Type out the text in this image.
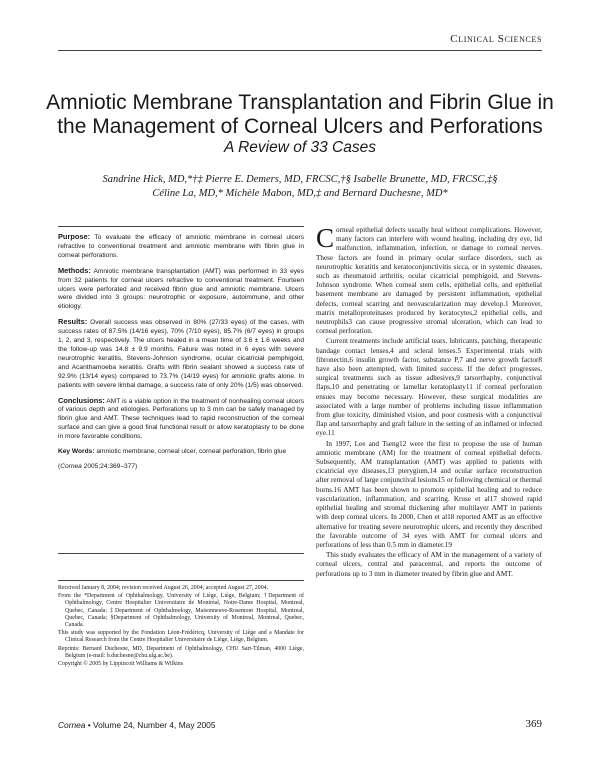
Clinical Sciences
Amniotic Membrane Transplantation and Fibrin Glue in the Management of Corneal Ulcers and Perforations
A Review of 33 Cases

Sandrine Hick, MD,*†‡ Pierre E. Demers, MD, FRCSC,†§ Isabelle Brunette, MD, FRCSC,‡§

Céline La, MD,* Michèle Mabon, MD,‡ and Bernard Duchesne, MD*

Purpose: To evaluate the efficacy of amniotic membrane in corneal ulcers refractive to conventional treatment and amniotic membrane with fibrin glue in corneal perforations.

Methods: Amniotic membrane transplantation (AMT) was performed in 33 eyes from 32 patients for corneal ulcers refractive to conventional treatment. Fourteen ulcers were perforated and received fibrin glue and amniotic membrane. Ulcers were divided into 3 groups: neurotrophic or exposure, autoimmune, and other etiology.

Results: Overall success was observed in 80% (27/33 eyes) of the cases, with success rates of 87.5% (14/16 eyes), 70% (7/10 eyes), 85.7% (6/7 eyes) in groups 1, 2, and 3, respectively. The ulcers healed in a mean time of 3.6 ± 1.6 weeks and the follow-up was 14.8 ± 9.9 months. Failure was noted in 6 eyes with severe neurotrophic keratitis, Stevens-Johnson syndrome, ocular cicatricial pemphigoid, and Acanthamoeba keratitis. Grafts with fibrin sealant showed a success rate of 92.9% (13/14 eyes) compared to 73.7% (14/19 eyes) for amniotic grafts alone. In patients with severe limbal damage, a success rate of only 20% (1/5) was observed.

Conclusions: AMT is a viable option in the treatment of nonhealing corneal ulcers of various depth and etiologies. Perforations up to 3 mm can be safely managed by fibrin glue and AMT. These techniques lead to rapid reconstruction of the corneal surface and can give a good final functional result or allow keratoplasty to be done in more favorable conditions.

Key Words: amniotic membrane, corneal ulcer, corneal perforation, fibrin glue

(Cornea 2005;24:369–377)

Received January 8, 2004; revision received August 26, 2004; accepted August 27, 2004.

From the *Department of Ophthalmology, University of Liège, Liège, Belgium; †Department of Ophthalmology, Centre Hospitalier Universitaire de Montréal, Notre-Dame Hospital, Montreal, Quebec, Canada; ‡Department of Ophthalmology, Maisonneuve-Rosemont Hospital, Montreal, Quebec, Canada; §Department of Ophthalmology, University of Montreal, Montreal, Quebec, Canada.

This study was supported by the Fondation Léon-Frédéricq, University of Liège and a Mandate for Clinical Research from the Centre Hospitalier Universitaire de Liège, Liège, Belgium.

Reprints: Bernard Duchesne, MD, Department of Ophthalmology, CHU Sart-Tilman, 4000 Liège, Belgium (e-mail: b.duchesne@chu.ulg.ac.be).

Copyright © 2005 by Lippincott Williams & Wilkins

Corneal epithelial defects usually heal without complications. However, many factors can interfere with wound healing, including dry eye, lid malfunction, inflammation, infection, or damage to corneal nerves. These factors are found in primary ocular surface disorders, such as neurotrophic keratitis and keratoconjunctivitis sicca, or in systemic diseases, such as rheumatoid arthritis, ocular cicatricial pemphigoid, and Stevens-Johnson syndrome. When corneal stem cells, epithelial cells, and epithelial basement membrane are damaged by persistent inflammation, epithelial defects, corneal scarring and neovascularization may develop.1 Moreover, matrix metalloproteinases produced by keratocytes,2 epithelial cells, and neutrophils3 can cause progressive stromal ulceration, which can lead to corneal perforation.

Current treatments include artificial tears, lubricants, patching, therapeutic bandage contact lenses,4 and scleral lenses.5 Experimental trials with fibronectin,6 insulin growth factor, substance P,7 and nerve growth factor8 have also been attempted, with limited success. If the defect progresses, surgical treatments such as tissue adhesives,9 tarsorrhaphy, conjunctival flaps,10 and penetrating or lamellar keratoplasty11 if corneal perforation ensues may become necessary. However, these surgical modalities are associated with a large number of problems including tissue inflammation from glue toxicity, diminished vision, and poor cosmesis with a conjunctival flap and tarsorrhaphy and graft failure in the setting of an inflamed or infected eye.11

In 1997, Lee and Tseng12 were the first to propose the use of human amniotic membrane (AM) for the treatment of corneal epithelial defects. Subsequently, AM transplantation (AMT) was applied to patients with cicatricial eye diseases,13 pterygium,14 and ocular surface reconstruction after removal of large conjunctival lesions15 or following chemical or thermal burns.16 AMT has been shown to promote epithelial healing and to reduce vascularization, inflammation, and scarring. Kruse et al17 showed rapid epithelial healing and stromal thickening after multilayer AMT in patients with deep corneal ulcers. In 2000, Chen et al18 reported AMT as an effective alternative for treating severe neurotrophic ulcers, and recently they described the favorable outcome of 34 eyes with AMT for corneal ulcers and perforations of less than 0.5 mm in diameter.19

This study evaluates the efficacy of AM in the management of a variety of corneal ulcers, central and paracentral, and reports the outcome of perforations up to 3 mm in diameter treated by fibrin glue and AMT.

Cornea • Volume 24, Number 4, May 2005	369
